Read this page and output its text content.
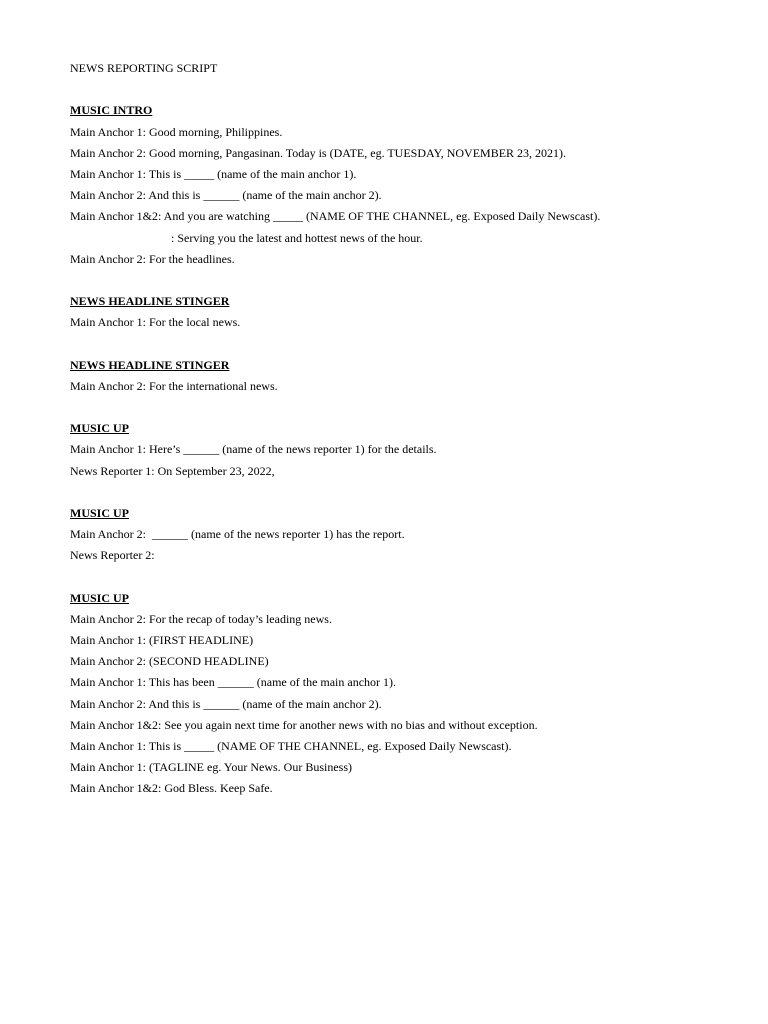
NEWS REPORTING SCRIPT
MUSIC INTRO
Main Anchor 1: Good morning, Philippines.
Main Anchor 2: Good morning, Pangasinan. Today is (DATE, eg. TUESDAY, NOVEMBER 23, 2021).
Main Anchor 1: This is _____ (name of the main anchor 1).
Main Anchor 2: And this is ______ (name of the main anchor 2).
Main Anchor 1&2: And you are watching _____ (NAME OF THE CHANNEL, eg. Exposed Daily Newscast).
: Serving you the latest and hottest news of the hour.
Main Anchor 2: For the headlines.
NEWS HEADLINE STINGER
Main Anchor 1: For the local news.
NEWS HEADLINE STINGER
Main Anchor 2: For the international news.
MUSIC UP
Main Anchor 1: Here’s ______ (name of the news reporter 1) for the details.
News Reporter 1: On September 23, 2022,
MUSIC UP
Main Anchor 2:  ______ (name of the news reporter 1) has the report.
News Reporter 2:
MUSIC UP
Main Anchor 2: For the recap of today’s leading news.
Main Anchor 1: (FIRST HEADLINE)
Main Anchor 2: (SECOND HEADLINE)
Main Anchor 1: This has been ______ (name of the main anchor 1).
Main Anchor 2: And this is ______ (name of the main anchor 2).
Main Anchor 1&2: See you again next time for another news with no bias and without exception.
Main Anchor 1: This is _____ (NAME OF THE CHANNEL, eg. Exposed Daily Newscast).
Main Anchor 1: (TAGLINE eg. Your News. Our Business)
Main Anchor 1&2: God Bless. Keep Safe.
